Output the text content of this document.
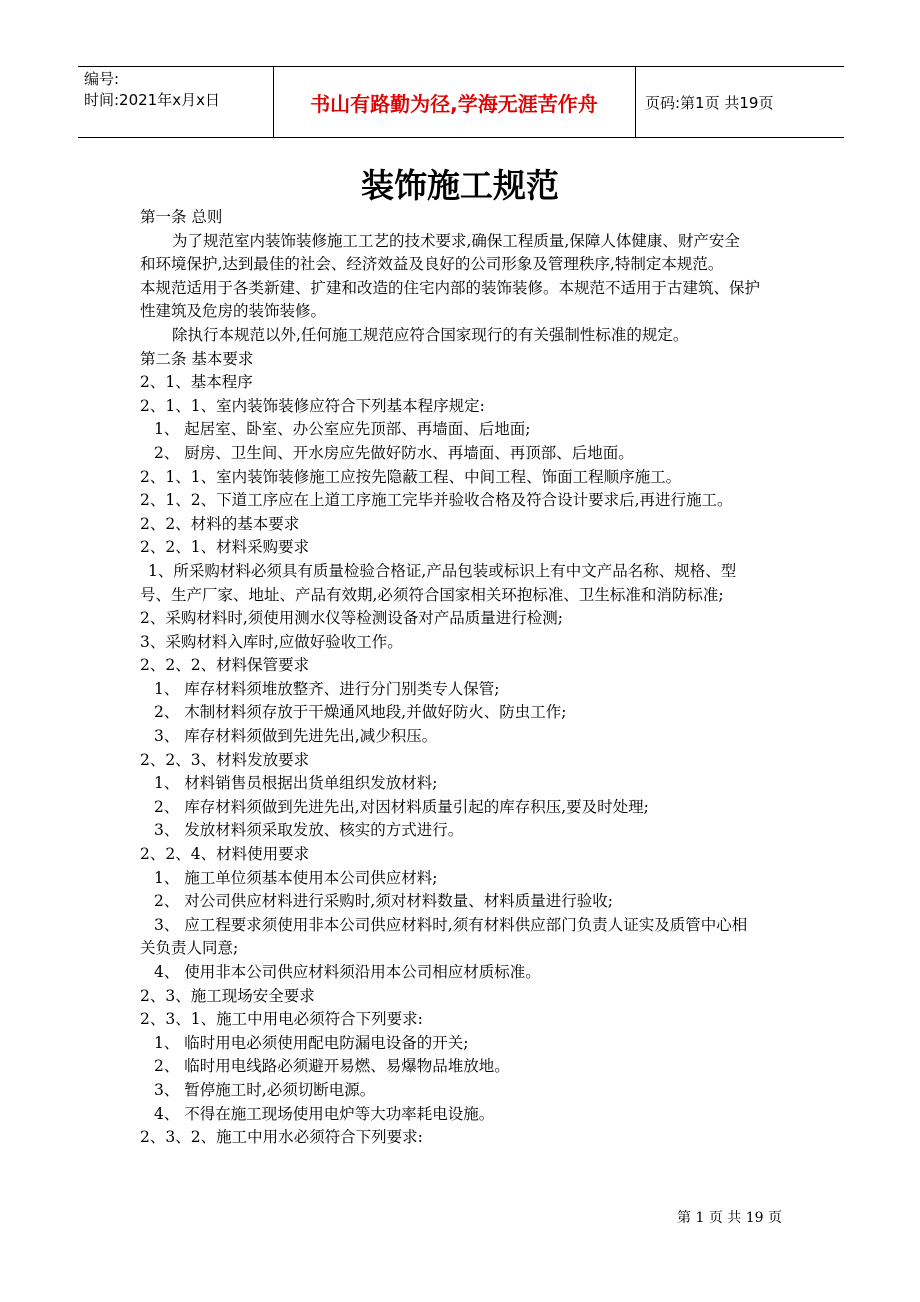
编号:
时间:2021年x月x日	书山有路勤为径,学海无涯苦作舟	页码:第1页 共19页
装饰施工规范
第一条 总则
为了规范室内装饰装修施工工艺的技术要求,确保工程质量,保障人体健康、财产安全
和环境保护,达到最佳的社会、经济效益及良好的公司形象及管理秩序,特制定本规范。
本规范适用于各类新建、扩建和改造的住宅内部的装饰装修。本规范不适用于古建筑、保护
性建筑及危房的装饰装修。
除执行本规范以外,任何施工规范应符合国家现行的有关强制性标准的规定。
第二条 基本要求
2、1、基本程序
2、1、1、室内装饰装修应符合下列基本程序规定:
1、 起居室、卧室、办公室应先顶部、再墙面、后地面;
2、 厨房、卫生间、开水房应先做好防水、再墙面、再顶部、后地面。
2、1、1、室内装饰装修施工应按先隐蔽工程、中间工程、饰面工程顺序施工。
2、1、2、下道工序应在上道工序施工完毕并验收合格及符合设计要求后,再进行施工。
2、2、材料的基本要求
2、2、1、材料采购要求
1、所采购材料必须具有质量检验合格证,产品包装或标识上有中文产品名称、规格、型
号、生产厂家、地址、产品有效期,必须符合国家相关环抱标准、卫生标准和消防标准;
2、采购材料时,须使用测水仪等检测设备对产品质量进行检测;
3、采购材料入库时,应做好验收工作。
2、2、2、材料保管要求
1、 库存材料须堆放整齐、进行分门别类专人保管;
2、 木制材料须存放于干燥通风地段,并做好防火、防虫工作;
3、 库存材料须做到先进先出,减少积压。
2、2、3、材料发放要求
1、 材料销售员根据出货单组织发放材料;
2、 库存材料须做到先进先出,对因材料质量引起的库存积压,要及时处理;
3、 发放材料须采取发放、核实的方式进行。
2、2、4、材料使用要求
1、 施工单位须基本使用本公司供应材料;
2、 对公司供应材料进行采购时,须对材料数量、材料质量进行验收;
3、 应工程要求须使用非本公司供应材料时,须有材料供应部门负责人证实及质管中心相
关负责人同意;
4、 使用非本公司供应材料须沿用本公司相应材质标准。
2、3、施工现场安全要求
2、3、1、施工中用电必须符合下列要求:
1、 临时用电必须使用配电防漏电设备的开关;
2、 临时用电线路必须避开易燃、易爆物品堆放地。
3、 暂停施工时,必须切断电源。
4、 不得在施工现场使用电炉等大功率耗电设施。
2、3、2、施工中用水必须符合下列要求:
第 1 页 共 19 页
